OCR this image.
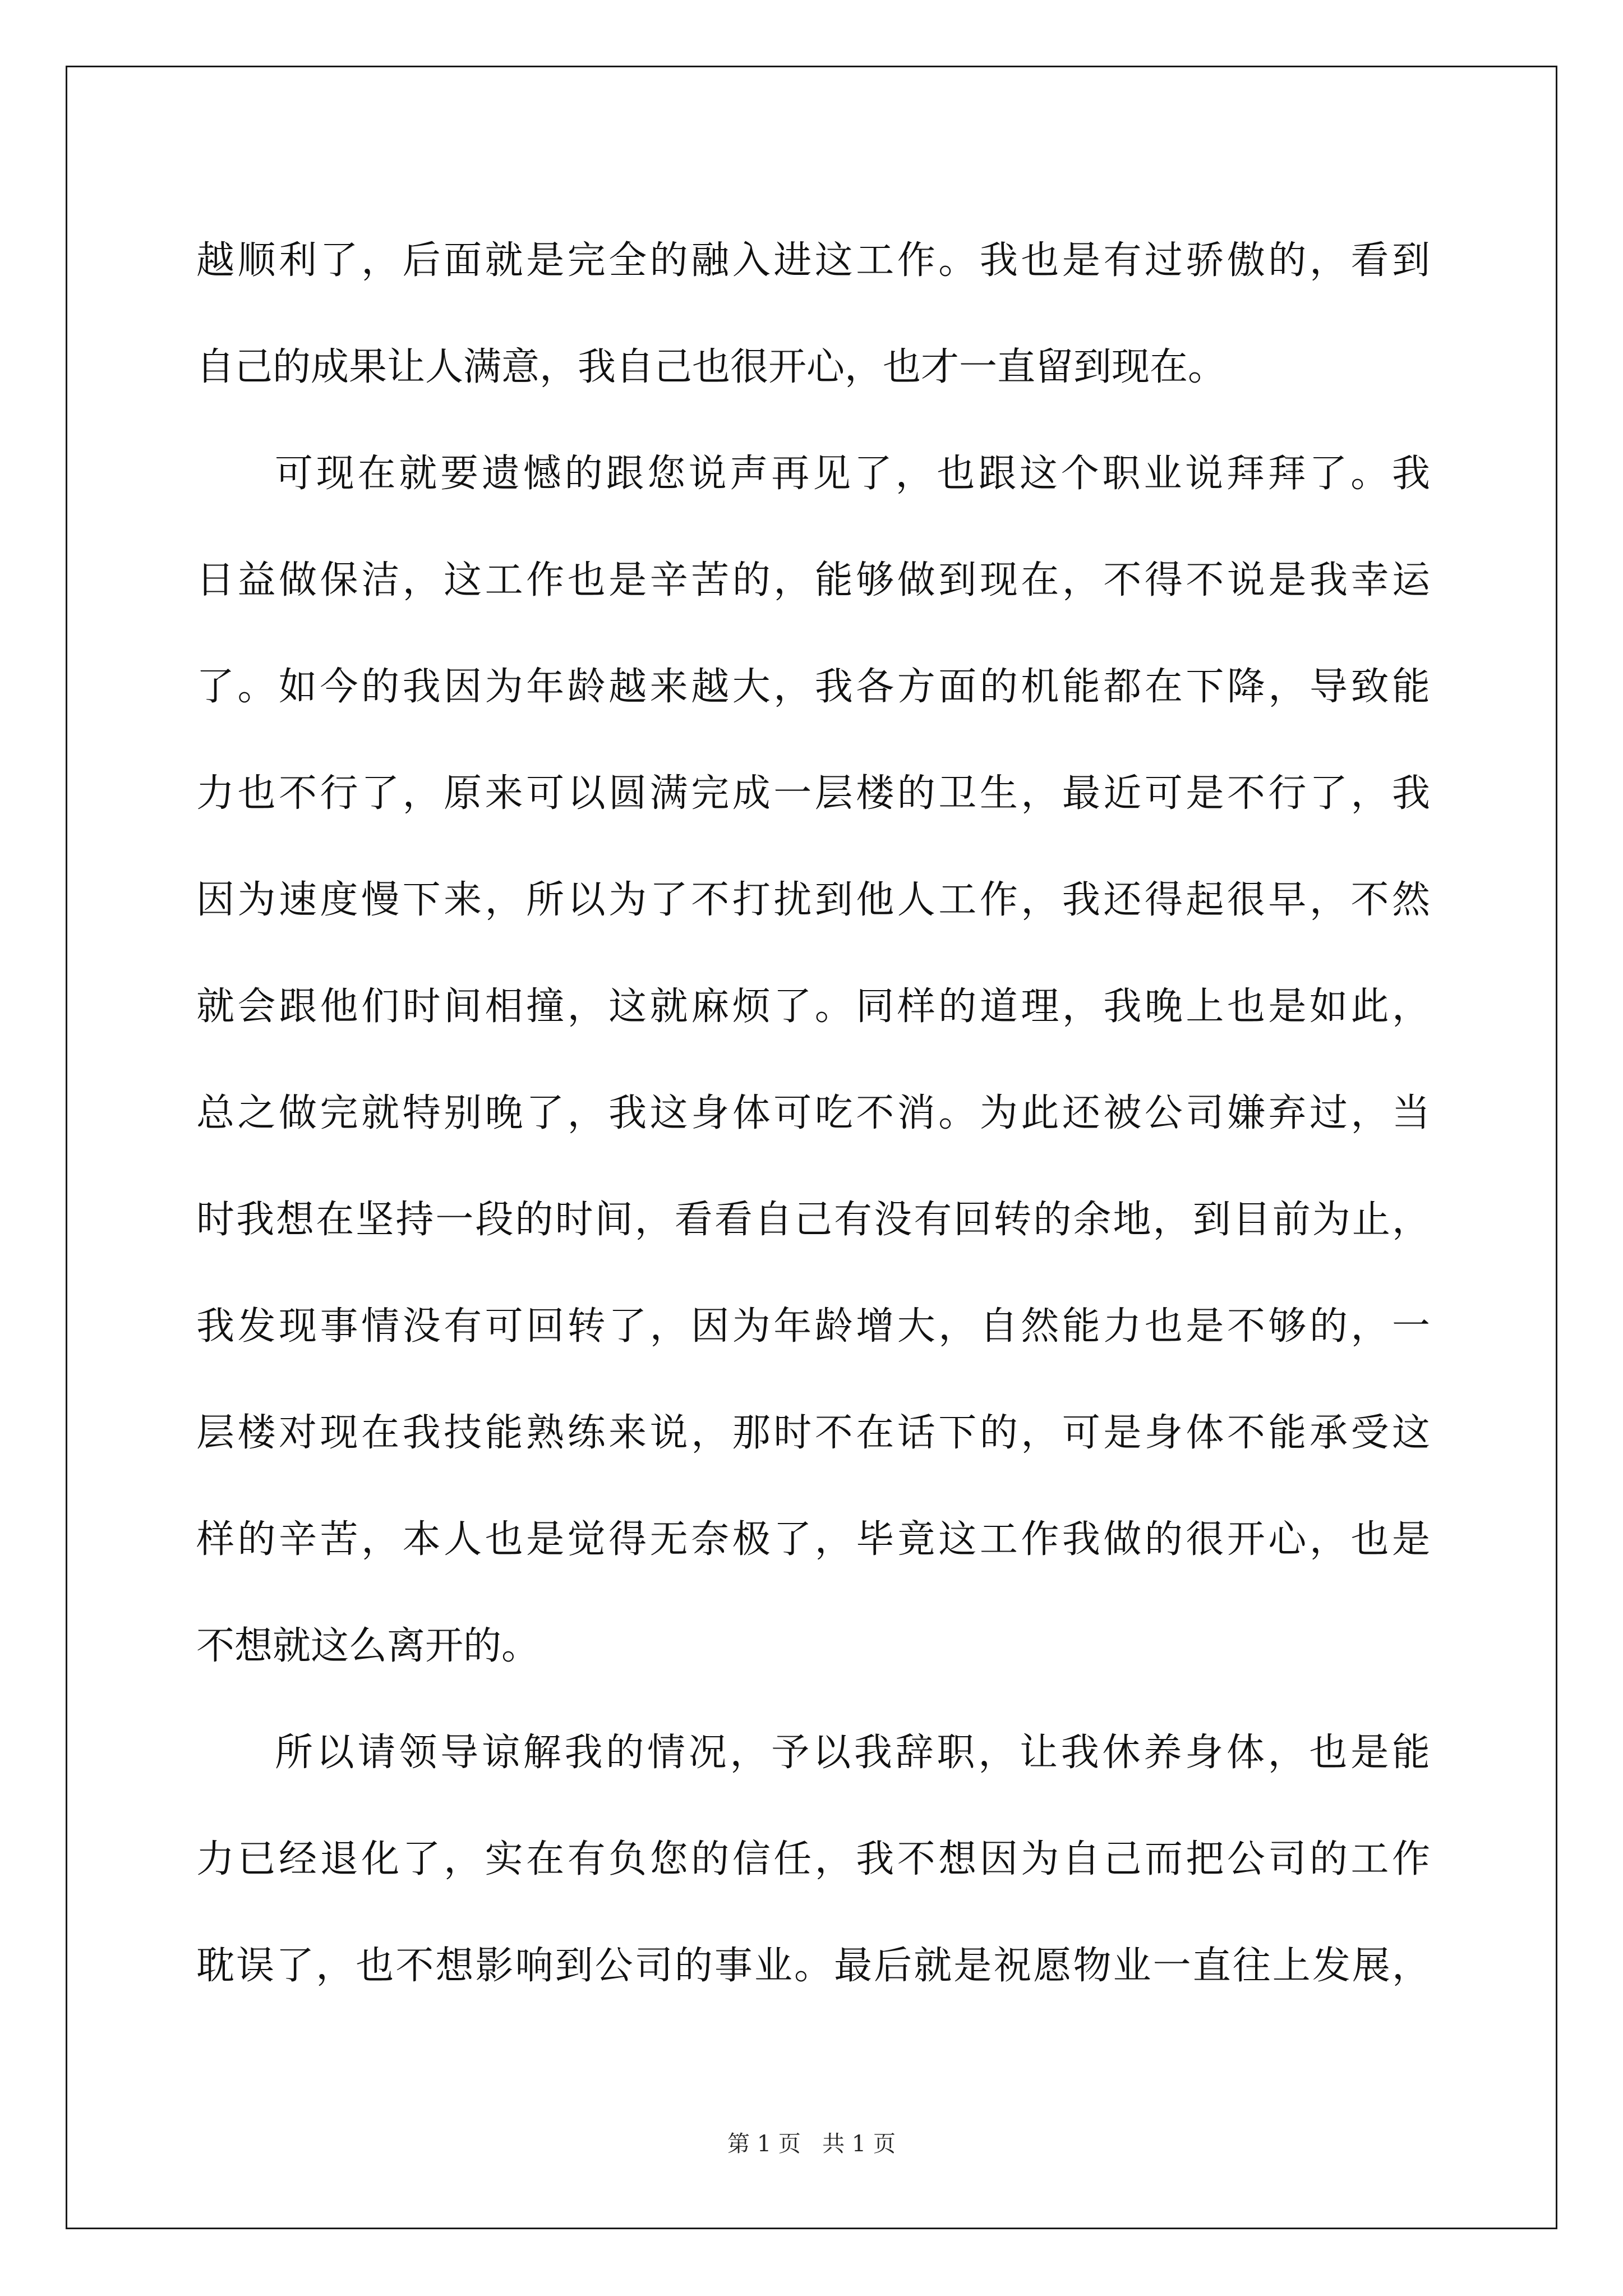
越顺利了，后面就是完全的融入进这工作。我也是有过骄傲的，看到
自己的成果让人满意，我自己也很开心，也才一直留到现在。
可现在就要遗憾的跟您说声再见了，也跟这个职业说拜拜了。我
日益做保洁，这工作也是辛苦的，能够做到现在，不得不说是我幸运
了。如今的我因为年龄越来越大，我各方面的机能都在下降，导致能
力也不行了，原来可以圆满完成一层楼的卫生，最近可是不行了，我
因为速度慢下来，所以为了不打扰到他人工作，我还得起很早，不然
就会跟他们时间相撞，这就麻烦了。同样的道理，我晚上也是如此，
总之做完就特别晚了，我这身体可吃不消。为此还被公司嫌弃过，当
时我想在坚持一段的时间，看看自己有没有回转的余地，到目前为止，
我发现事情没有可回转了，因为年龄增大，自然能力也是不够的，一
层楼对现在我技能熟练来说，那时不在话下的，可是身体不能承受这
样的辛苦，本人也是觉得无奈极了，毕竟这工作我做的很开心，也是
不想就这么离开的。
所以请领导谅解我的情况，予以我辞职，让我休养身体，也是能
力已经退化了，实在有负您的信任，我不想因为自己而把公司的工作
耽误了，也不想影响到公司的事业。最后就是祝愿物业一直往上发展，
第 1 页 共 1 页
